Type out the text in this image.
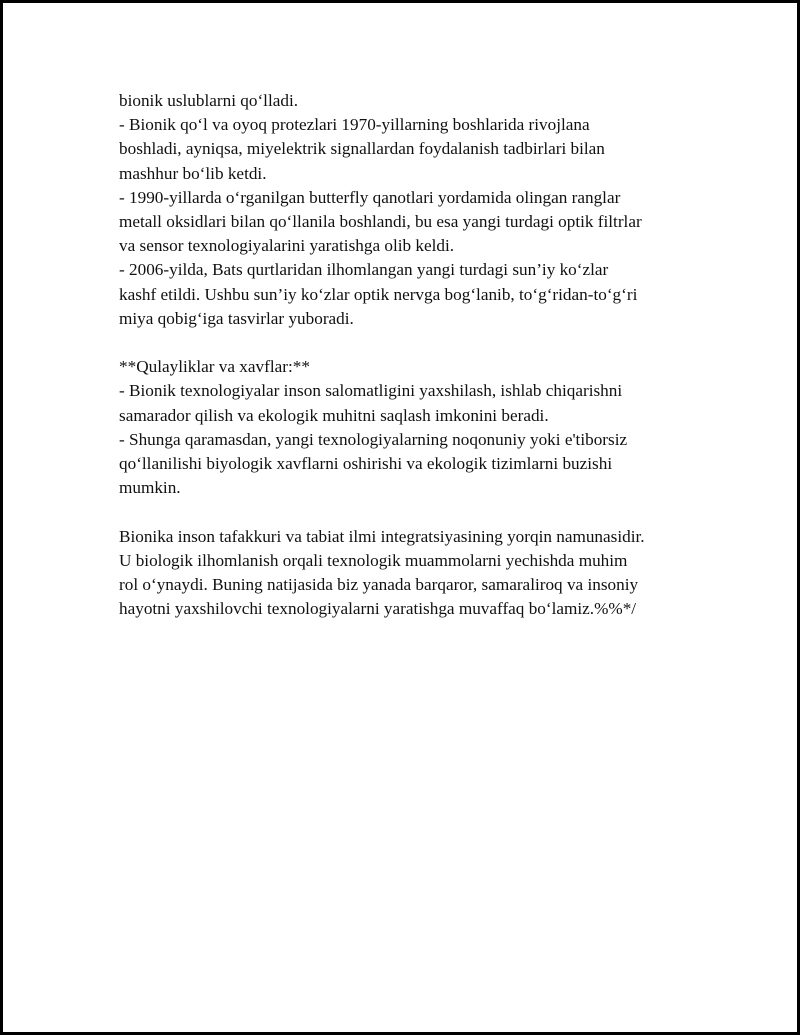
bionik uslublarni qo‘lladi.
- Bionik qo‘l va oyoq protezlari 1970-yillarning boshlarida rivojlana
boshladi, ayniqsa, miyelektrik signallardan foydalanish tadbirlari bilan
mashhur bo‘lib ketdi.
- 1990-yillarda o‘rganilgan butterfly qanotlari yordamida olingan ranglar
metall oksidlari bilan qo‘llanila boshlandi, bu esa yangi turdagi optik filtrlar
va sensor texnologiyalarini yaratishga olib keldi.
- 2006-yilda, Bats qurtlaridan ilhomlangan yangi turdagi sun’iy ko‘zlar
kashf etildi. Ushbu sun’iy ko‘zlar optik nervga bog‘lanib, to‘g‘ridan-to‘g‘ri
miya qobig‘iga tasvirlar yuboradi.
**Qulayliklar va xavflar:**
- Bionik texnologiyalar inson salomatligini yaxshilash, ishlab chiqarishni
samarador qilish va ekologik muhitni saqlash imkonini beradi.
- Shunga qaramasdan, yangi texnologiyalarning noqonuniy yoki e'tiborsiz
qo‘llanilishi biyologik xavflarni oshirishi va ekologik tizimlarni buzishi
mumkin.
Bionika inson tafakkuri va tabiat ilmi integratsiyasining yorqin namunasidir.
U biologik ilhomlanish orqali texnologik muammolarni yechishda muhim
rol o‘ynaydi. Buning natijasida biz yanada barqaror, samaraliroq va insoniy
hayotni yaxshilovchi texnologiyalarni yaratishga muvaffaq bo‘lamiz.%%*/
